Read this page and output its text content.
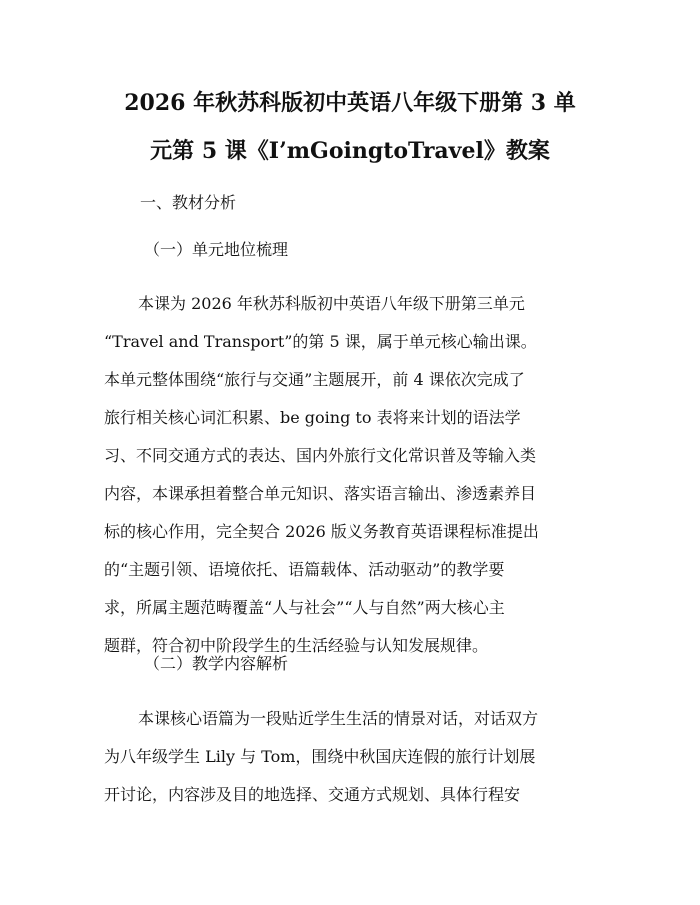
2026 年秋苏科版初中英语八年级下册第 3 单
元第 5 课《I’mGoingtoTravel》教案
一、教材分析
（一）单元地位梳理
本课为 2026 年秋苏科版初中英语八年级下册第三单元
“Travel and Transport”的第 5 课，属于单元核心输出课。
本单元整体围绕“旅行与交通”主题展开，前 4 课依次完成了
旅行相关核心词汇积累、be going to 表将来计划的语法学
习、不同交通方式的表达、国内外旅行文化常识普及等输入类
内容，本课承担着整合单元知识、落实语言输出、渗透素养目
标的核心作用，完全契合 2026 版义务教育英语课程标准提出
的“主题引领、语境依托、语篇载体、活动驱动”的教学要
求，所属主题范畴覆盖“人与社会”“人与自然”两大核心主
题群，符合初中阶段学生的生活经验与认知发展规律。
（二）教学内容解析
本课核心语篇为一段贴近学生生活的情景对话，对话双方
为八年级学生 Lily 与 Tom，围绕中秋国庆连假的旅行计划展
开讨论，内容涉及目的地选择、交通方式规划、具体行程安
